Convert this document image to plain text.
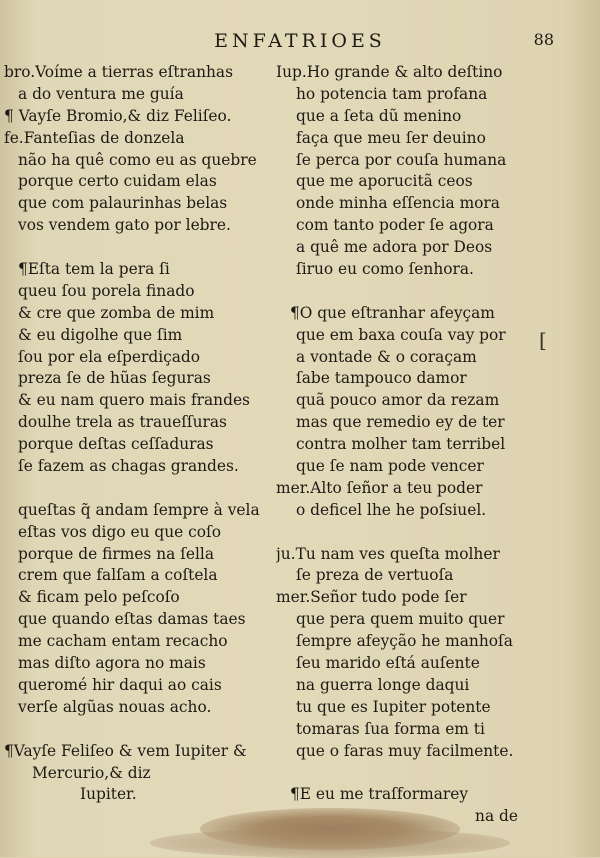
ENFATRIOES	88
bro.Voíme a tierras eſtranhas
a do ventura me guía
¶ Vayſe Bromio,& diz Feliſeo.
fe.Fanteſias de donzela
não ha quê como eu as quebre
porque certo cuidam elas
que com palaurinhas belas
vos vendem gato por lebre.
¶Eſta tem la pera ſi
queu ſou porela finado
& cre que zomba de mim
& eu digolhe que ſim
ſou por ela eſperdiçado
preza ſe de hũas ſeguras
& eu nam quero mais frandes
doulhe trela as traueſſuras
porque deſtas ceſſaduras
ſe fazem as chagas grandes.
queſtas q̃ andam ſempre à vela
eſtas vos digo eu que coſo
porque de firmes na ſella
crem que falſam a coſtela
& ficam pelo peſcoſo
que quando eſtas damas taes
me cacham entam recacho
mas diſto agora no mais
queromé hir daqui ao cais
verſe algũas nouas acho.
¶Vayſe Feliſeo & vem Iupiter &
Mercurio,& diz
Iupiter.
Iup.Ho grande & alto deſtino
ho potencia tam profana
que a ſeta dũ menino
faça que meu ſer deuino
ſe perca por couſa humana
que me aporucitã ceos
onde minha eſſencia mora
com tanto poder ſe agora
a quê me adora por Deos
ſiruo eu como ſenhora.
¶O que eſtranhar afeyçam
que em baxa couſa vay por
a vontade & o coraçam
ſabe tampouco damor
quã pouco amor da rezam
mas que remedio ey de ter
contra molher tam terribel
que ſe nam pode vencer
mer.Alto ſeñor a teu poder
o deficel lhe he poſsiuel.
ju.Tu nam ves queſta molher
ſe preza de vertuoſa
mer.Señor tudo pode ſer
que pera quem muito quer
ſempre afeyção he manhoſa
ſeu marido eſtá auſente
na guerra longe daqui
tu que es Iupiter potente
tomaras ſua forma em ti
que o faras muy facilmente.
¶E eu me traſformarey
na de
[
